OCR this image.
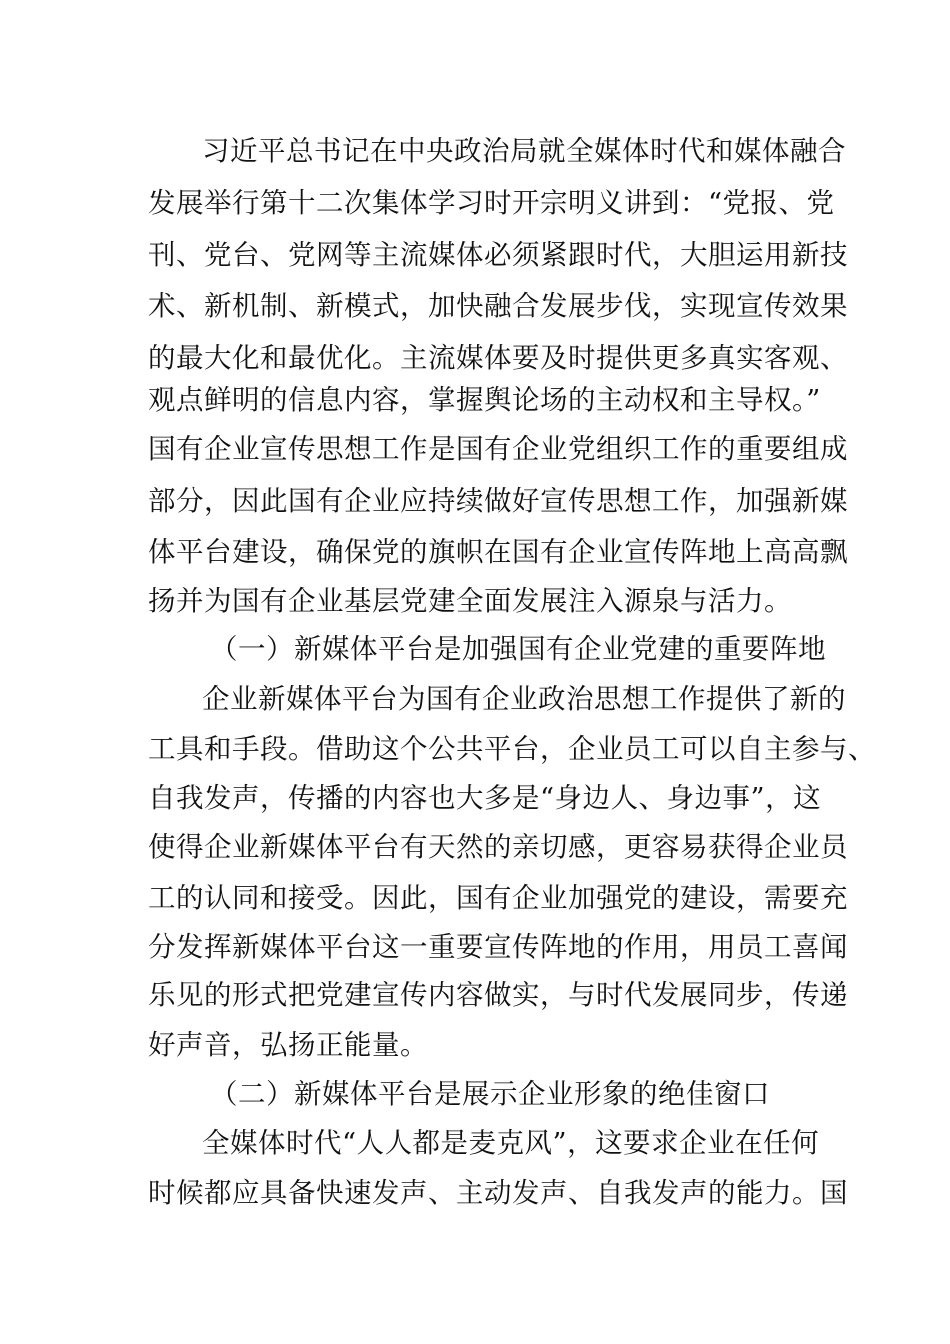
习近平总书记在中央政治局就全媒体时代和媒体融合
发展举行第十二次集体学习时开宗明义讲到：“党报、党
刊、党台、党网等主流媒体必须紧跟时代，大胆运用新技
术、新机制、新模式，加快融合发展步伐，实现宣传效果
的最大化和最优化。主流媒体要及时提供更多真实客观、
观点鲜明的信息内容，掌握舆论场的主动权和主导权。”
国有企业宣传思想工作是国有企业党组织工作的重要组成
部分，因此国有企业应持续做好宣传思想工作，加强新媒
体平台建设，确保党的旗帜在国有企业宣传阵地上高高飘
扬并为国有企业基层党建全面发展注入源泉与活力。
（一）新媒体平台是加强国有企业党建的重要阵地
企业新媒体平台为国有企业政治思想工作提供了新的
工具和手段。借助这个公共平台，企业员工可以自主参与、
自我发声，传播的内容也大多是“身边人、身边事”，这
使得企业新媒体平台有天然的亲切感，更容易获得企业员
工的认同和接受。因此，国有企业加强党的建设，需要充
分发挥新媒体平台这一重要宣传阵地的作用，用员工喜闻
乐见的形式把党建宣传内容做实，与时代发展同步，传递
好声音，弘扬正能量。
（二）新媒体平台是展示企业形象的绝佳窗口
全媒体时代“人人都是麦克风”，这要求企业在任何
时候都应具备快速发声、主动发声、自我发声的能力。国
